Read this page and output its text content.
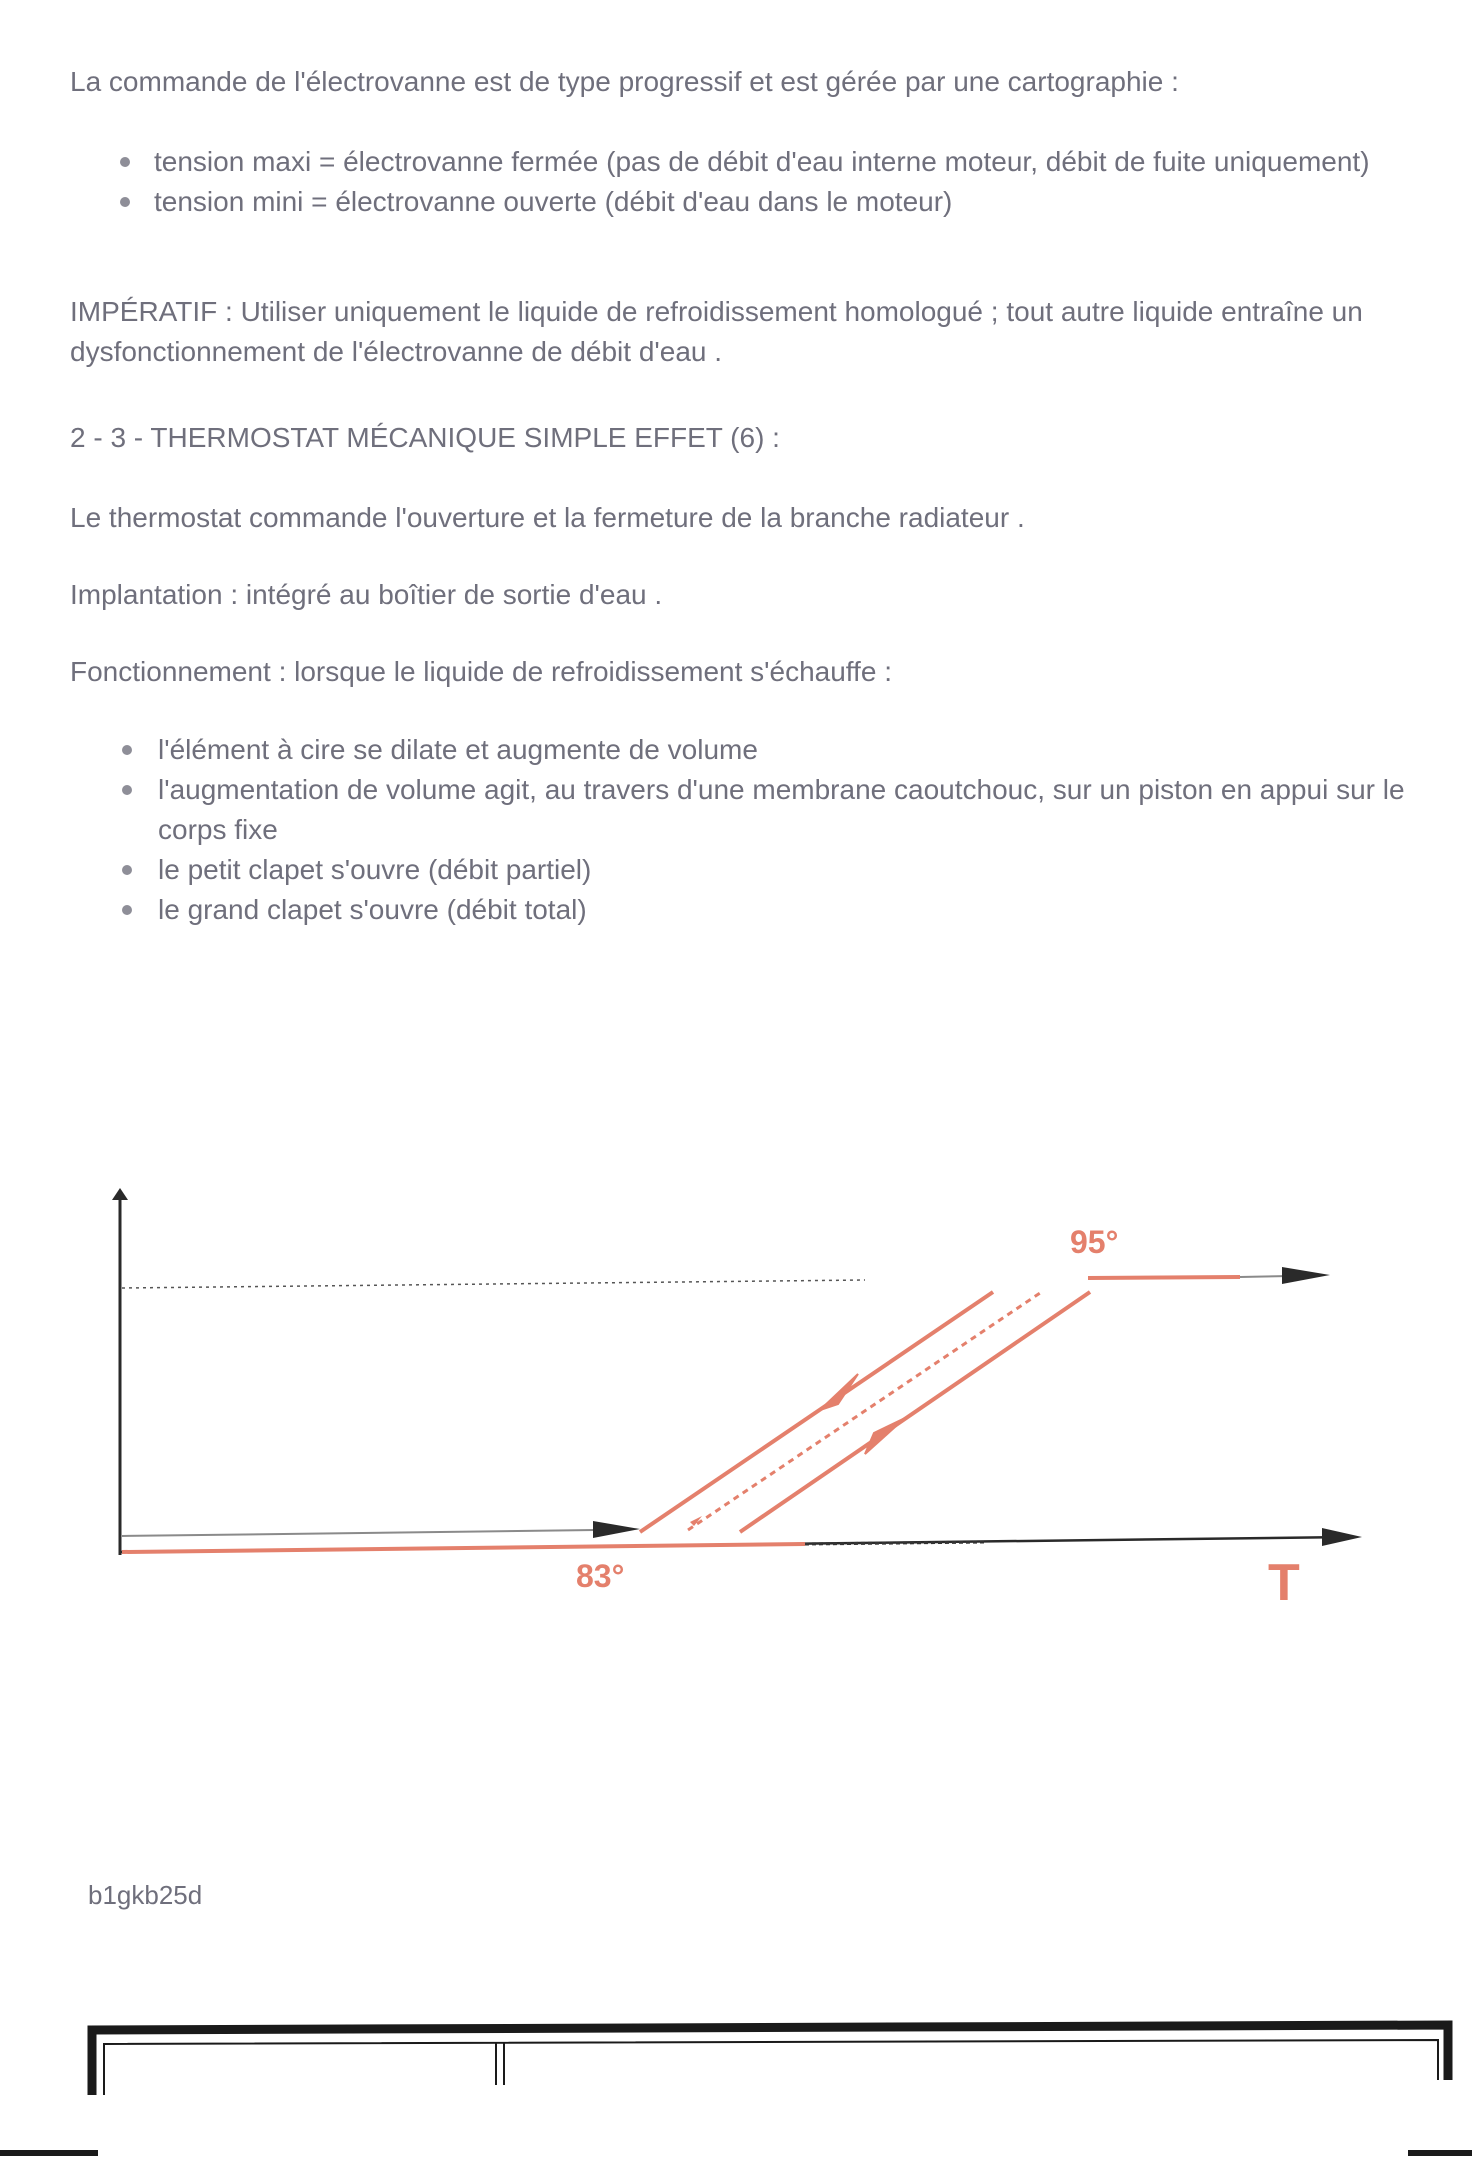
La commande de l'électrovanne est de type progressif et est gérée par une cartographie :

tension maxi = électrovanne fermée (pas de débit d'eau interne moteur, débit de fuite uniquement)
tension mini = électrovanne ouverte (débit d'eau dans le moteur)

IMPÉRATIF : Utiliser uniquement le liquide de refroidissement homologué ; tout autre liquide entraîne un dysfonctionnement de l'électrovanne de débit d'eau .

2 - 3 - THERMOSTAT MÉCANIQUE SIMPLE EFFET (6) :

Le thermostat commande l'ouverture et la fermeture de la branche radiateur .

Implantation : intégré au boîtier de sortie d'eau .

Fonctionnement : lorsque le liquide de refroidissement s'échauffe :

l'élément à cire se dilate et augmente de volume
l'augmentation de volume agit, au travers d'une membrane caoutchouc, sur un piston en appui sur le corps fixe
le petit clapet s'ouvre (débit partiel)
le grand clapet s'ouvre (débit total)
83°
95°
T
b1gkb25d
